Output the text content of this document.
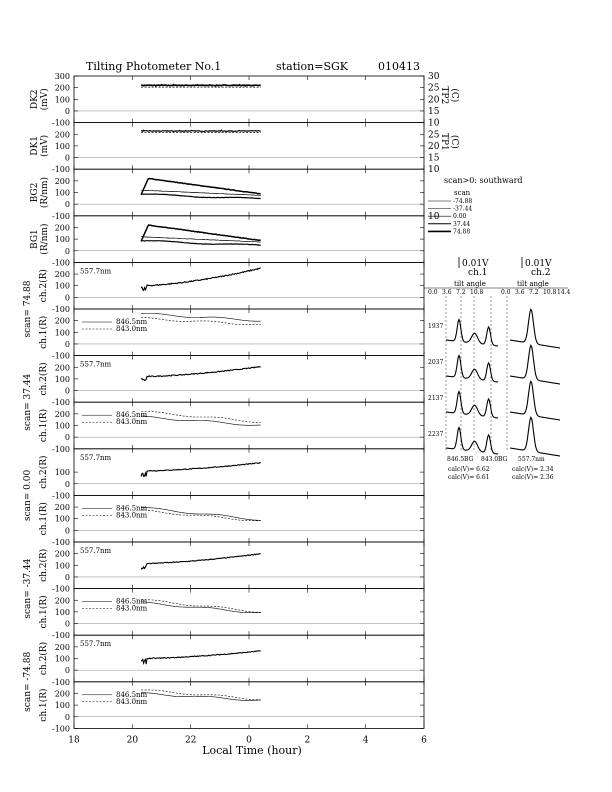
Tilting Photometer No.1	station=SGK	010413
-100
0
100
200
300
10
15
20
25
30
TP2 (C)
DK2 (mV)
-100
0
100
200
10
15
20
25 TP1 (C)
DK1 (mV)
-100
0
100
200
10
BG2 (R/nm)
-100
0
100
200
BG1 (R/nm)
-100
0
100
200
ch.2(R)	557.7nm
-100
0
100
200
ch.1(R)	846.5nm
843.0nm
-100
0
100
200
ch.2(R)	557.7nm
-100
0
100
200
ch.1(R)	846.5nm
843.0nm
-100
0
100
ch.2(R)	557.7nm
-100
0
100
200
ch.1(R)	846.5nm
843.0nm
-100
0
100
200
ch.2(R)	557.7nm
-100
0
100
200
ch.1(R)	846.5nm
843.0nm
-100
0
100
200
ch.2(R)	557.7nm
-100
0
100
200
ch.1(R)	846.5nm
843.0nm
18	20	22	0	2	4	6
scan= 74.88
scan= 37.44
scan= 0.00
scan= -37.44
scan= -74.88
Local Time (hour)
scan>0: southward
scan
-74.88
-37.44
0.00
37.44
74.88
0.01V	0.01V
ch.1	ch.2
0.0 3.6 7.2 10.8	0.0 3.6 7.2 10.8 14.4
tilt angle	tilt angle
1937
2037
2137
2237
846.5 BG 843.0 BG 557.7nm
calc(V)= 6.62
calc(V)= 6.61
calc(V)= 2.34
calc(V)= 2.36
